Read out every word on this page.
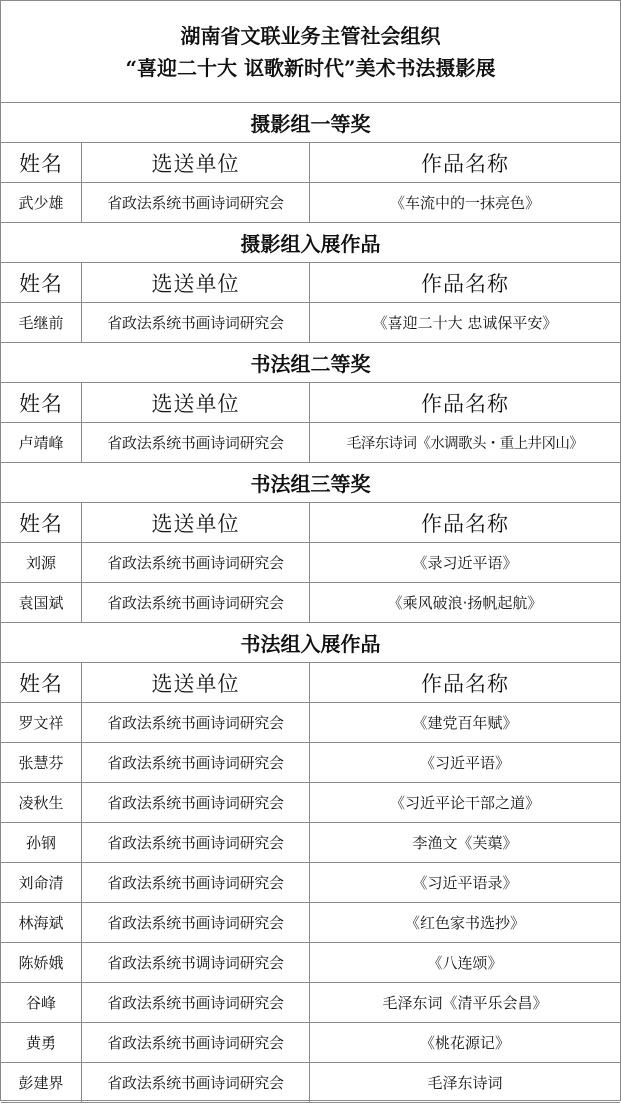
湖南省文联业务主管社会组织
“喜迎二十大 讴歌新时代”美术书法摄影展
摄影组一等奖
姓名	选送单位	作品名称
武少雄	省政法系统书画诗词研究会	《车流中的一抹亮色》
摄影组入展作品
姓名	选送单位	作品名称
毛继前	省政法系统书画诗词研究会	《喜迎二十大 忠诚保平安》
书法组二等奖
姓名	选送单位	作品名称
卢靖峰	省政法系统书画诗词研究会	毛泽东诗词《水调歌头・重上井冈山》
书法组三等奖
姓名	选送单位	作品名称
刘源	省政法系统书画诗词研究会	《录习近平语》
袁国斌	省政法系统书画诗词研究会	《乘风破浪·扬帆起航》
书法组入展作品
姓名	选送单位	作品名称
罗文祥	省政法系统书画诗词研究会	《建党百年赋》
张慧芬	省政法系统书画诗词研究会	《习近平语》
凌秋生	省政法系统书画诗词研究会	《习近平论干部之道》
孙钢	省政法系统书画诗词研究会	李渔文《芙蕖》
刘命清	省政法系统书画诗词研究会	《习近平语录》
林海斌	省政法系统书画诗词研究会	《红色家书选抄》
陈娇娥	省政法系统书调诗词研究会	《八连颂》
谷峰	省政法系统书画诗词研究会	毛泽东词《清平乐会昌》
黄勇	省政法系统书画诗词研究会	《桃花源记》
彭建界	省政法系统书画诗词研究会	毛泽东诗词
